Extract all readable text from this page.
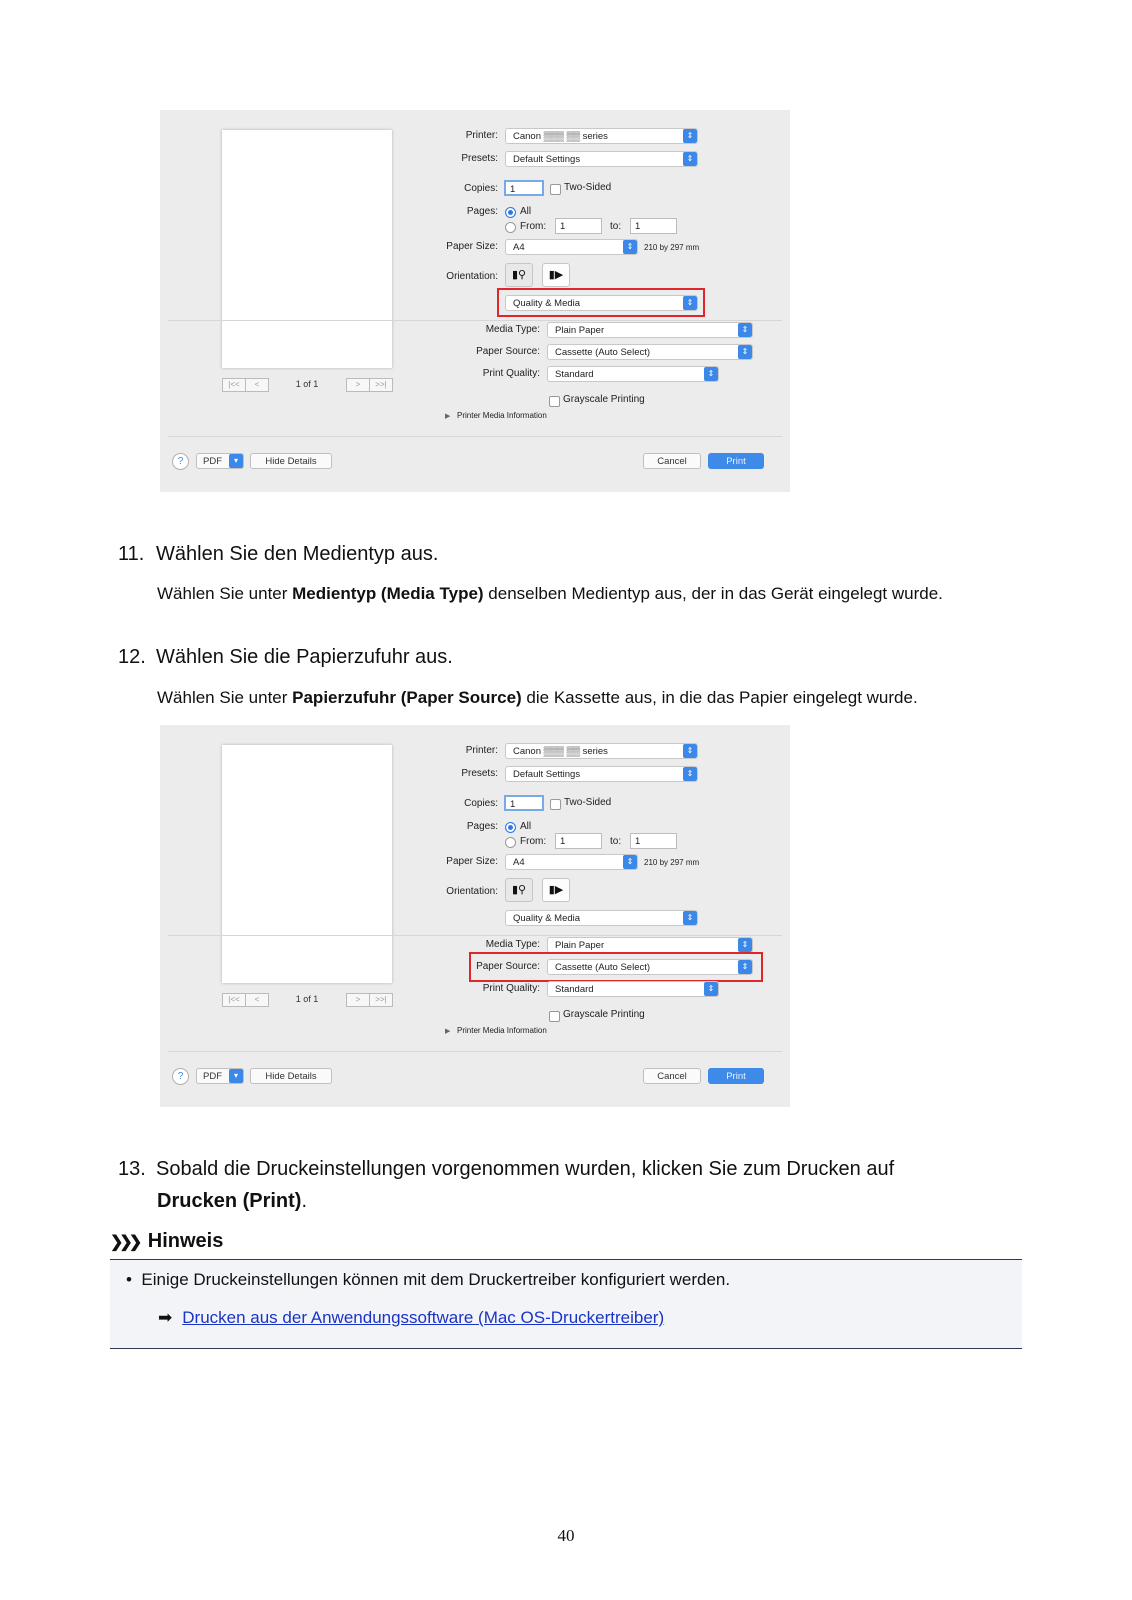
|<<	<	1 of 1	>	>>|
Printer:	Canon ▒▒▒ ▒▒ series	⇕
Presets:	Default Settings	⇕
Copies:	1	Two-Sided
Pages: All
From:	1	to:	1
Paper Size:	A4	⇕	210 by 297 mm
Orientation:	▮⚲	▮▶
Quality & Media	⇕
Media Type:	Plain Paper	⇕
Paper Source:	Cassette (Auto Select)	⇕
Print Quality:	Standard	⇕
Grayscale Printing
▶ Printer Media Information
?	PDF	▾	Hide Details	Cancel	Print
11. Wählen Sie den Medientyp aus.
Wählen Sie unter Medientyp (Media Type) denselben Medientyp aus, der in das Gerät eingelegt wurde.
12. Wählen Sie die Papierzufuhr aus.
Wählen Sie unter Papierzufuhr (Paper Source) die Kassette aus, in die das Papier eingelegt wurde.
|<<	<	1 of 1	>	>>|
Printer:	Canon ▒▒▒ ▒▒ series	⇕
Presets:	Default Settings	⇕
Copies:	1	Two-Sided
Pages: All
From:	1	to:	1
Paper Size:	A4	⇕	210 by 297 mm
Orientation:	▮⚲	▮▶
Quality & Media	⇕
Media Type:	Plain Paper	⇕
Paper Source:	Cassette (Auto Select)	⇕
Print Quality:	Standard	⇕
Grayscale Printing
▶ Printer Media Information
?	PDF	▾	Hide Details	Cancel	Print
13. Sobald die Druckeinstellungen vorgenommen wurden, klicken Sie zum Drucken auf
Drucken (Print).
❯❯❯ Hinweis
• Einige Druckeinstellungen können mit dem Druckertreiber konfiguriert werden.
➡ Drucken aus der Anwendungssoftware (Mac OS-Druckertreiber)
40
